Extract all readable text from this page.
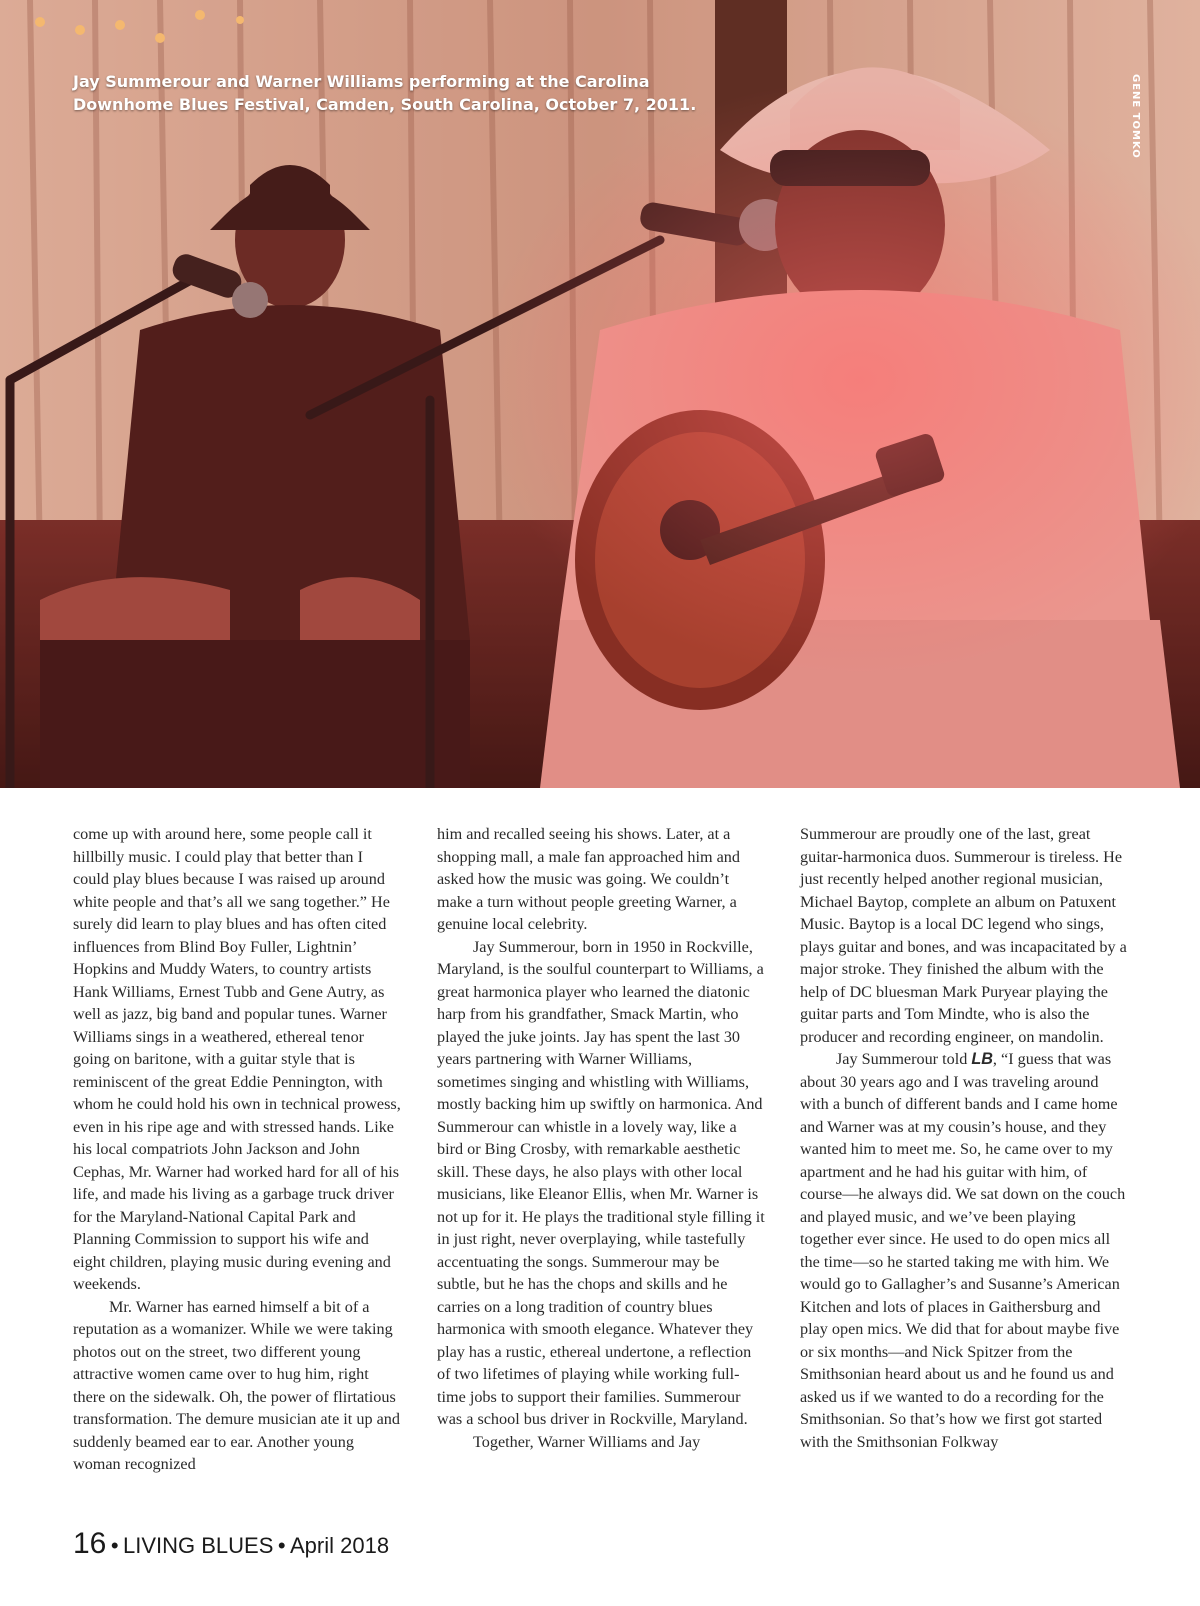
Jay Summerour and Warner Williams performing at the Carolina Downhome Blues Festival, Camden, South Carolina, October 7, 2011.	GENE TOMKO

come up with around here, some people call it hillbilly music. I could play that better than I could play blues because I was raised up around white people and that’s all we sang together.” He surely did learn to play blues and has often cited influences from Blind Boy Fuller, Lightnin’ Hopkins and Muddy Waters, to country artists Hank Williams, Ernest Tubb and Gene Autry, as well as jazz, big band and popular tunes. Warner Williams sings in a weathered, ethereal tenor going on baritone, with a guitar style that is reminiscent of the great Eddie Pennington, with whom he could hold his own in technical prowess, even in his ripe age and with stressed hands. Like his local compatriots John Jackson and John Cephas, Mr. Warner had worked hard for all of his life, and made his living as a garbage truck driver for the Maryland-National Capital Park and Planning Commission to support his wife and eight children, playing music during evening and weekends.

Mr. Warner has earned himself a bit of a reputation as a womanizer. While we were taking photos out on the street, two different young attractive women came over to hug him, right there on the sidewalk. Oh, the power of flirtatious transformation. The demure musician ate it up and suddenly beamed ear to ear. Another young woman recognized

him and recalled seeing his shows. Later, at a shopping mall, a male fan approached him and asked how the music was going. We couldn’t make a turn without people greeting Warner, a genuine local celebrity.

Jay Summerour, born in 1950 in Rockville, Maryland, is the soulful counterpart to Williams, a great harmonica player who learned the diatonic harp from his grandfather, Smack Martin, who played the juke joints. Jay has spent the last 30 years partnering with Warner Williams, sometimes singing and whistling with Williams, mostly backing him up swiftly on harmonica. And Summerour can whistle in a lovely way, like a bird or Bing Crosby, with remarkable aesthetic skill. These days, he also plays with other local musicians, like Eleanor Ellis, when Mr. Warner is not up for it. He plays the traditional style filling it in just right, never overplaying, while tastefully accentuating the songs. Summerour may be subtle, but he has the chops and skills and he carries on a long tradition of country blues harmonica with smooth elegance. Whatever they play has a rustic, ethereal undertone, a reflection of two lifetimes of playing while working full-time jobs to support their families. Summerour was a school bus driver in Rockville, Maryland.

Together, Warner Williams and Jay

Summerour are proudly one of the last, great guitar-harmonica duos. Summerour is tireless. He just recently helped another regional musician, Michael Baytop, complete an album on Patuxent Music. Baytop is a local DC legend who sings, plays guitar and bones, and was incapacitated by a major stroke. They finished the album with the help of DC bluesman Mark Puryear playing the guitar parts and Tom Mindte, who is also the producer and recording engineer, on mandolin.

Jay Summerour told LB, “I guess that was about 30 years ago and I was traveling around with a bunch of different bands and I came home and Warner was at my cousin’s house, and they wanted him to meet me. So, he came over to my apartment and he had his guitar with him, of course—he always did. We sat down on the couch and played music, and we’ve been playing together ever since. He used to do open mics all the time—so he started taking me with him. We would go to Gallagher’s and Susanne’s American Kitchen and lots of places in Gaithersburg and play open mics. We did that for about maybe five or six months—and Nick Spitzer from the Smithsonian heard about us and he found us and asked us if we wanted to do a recording for the Smithsonian. So that’s how we first got started with the Smithsonian Folkway

16 • LIVING BLUES • April 2018
